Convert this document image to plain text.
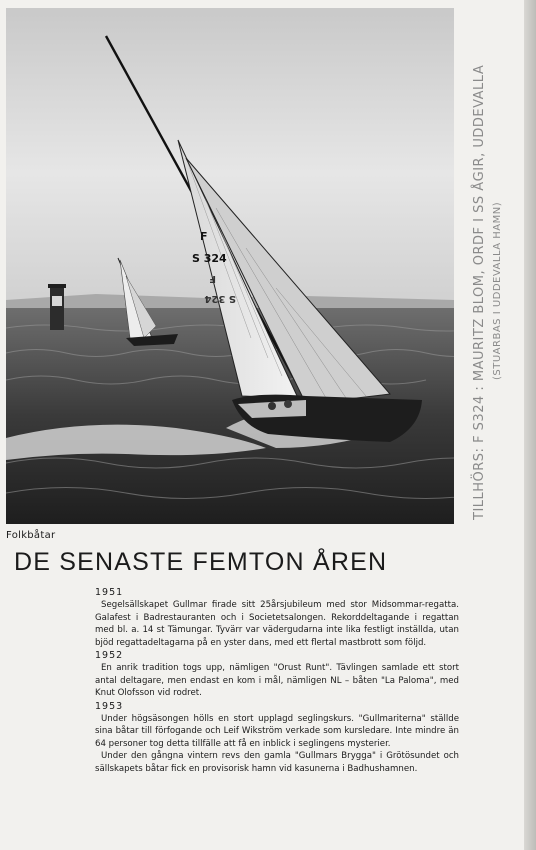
F
S 324
F
S 324	TILLHÖRS: F S324 : MAURITZ BLOM, ORDF I SS ÅGIR, UDDEVALLA (STUARBAS I UDDEVALLA HAMN)
Folkbåtar
DE SENASTE FEMTON ÅREN
1951
Segelsällskapet Gullmar firade sitt 25årsjubileum med stor Midsommar-regatta. Galafest i Badrestauranten och i Societetsalongen. Rekorddeltagande i regattan med bl. a. 14 st Tämungar. Tyvärr var vädergudarna inte lika festligt inställda, utan bjöd regattadeltagarna på en yster dans, med ett flertal mastbrott som följd.
1952
En anrik tradition togs upp, nämligen "Orust Runt". Tävlingen samlade ett stort antal deltagare, men endast en kom i mål, nämligen NL – båten "La Paloma", med Knut Olofsson vid rodret.
1953
Under högsäsongen hölls en stort upplagd seglingskurs. "Gullmariterna" ställde sina båtar till förfogande och Leif Wikström verkade som kursledare. Inte mindre än 64 personer tog detta tillfälle att få en inblick i seglingens mysterier.
Under den gångna vintern revs den gamla "Gullmars Brygga" i Grötösundet och sällskapets båtar fick en provisorisk hamn vid kasunerna i Badhushamnen.
